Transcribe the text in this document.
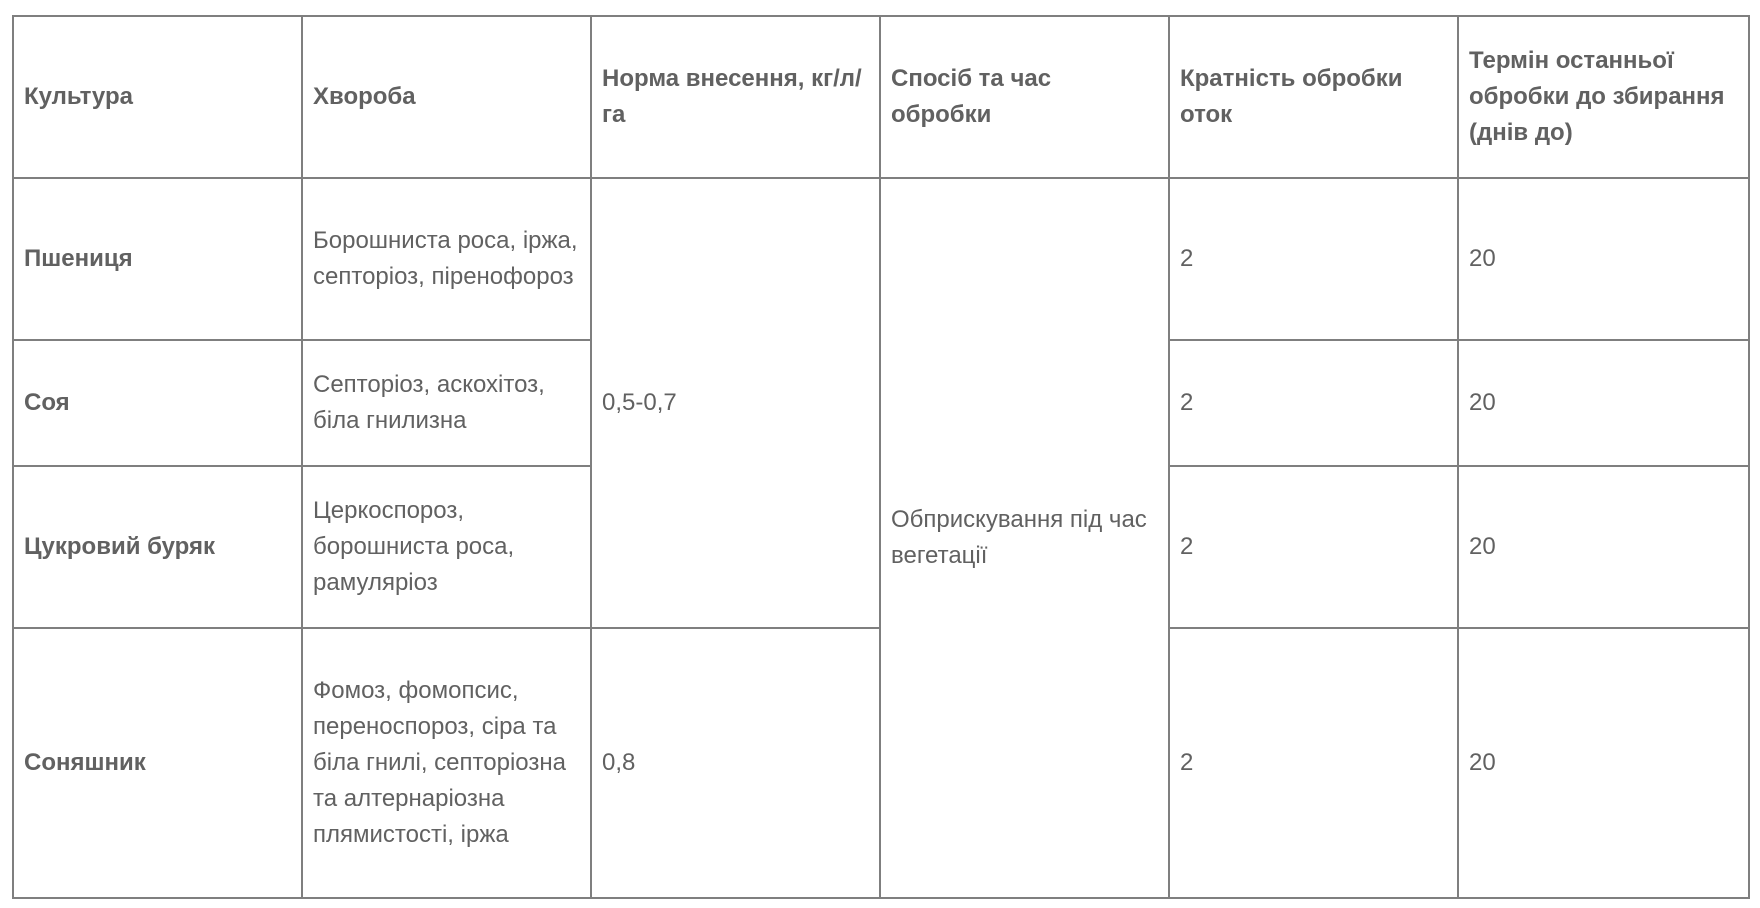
Культура	Хвороба	Норма внесення, кг/л/га	Спосіб та час обробки	Кратність обробки оток	Термін останньої обробки до збирання (днів до)
Пшениця	Борошниста роса, іржа, септоріоз, піренофороз	0,5-0,7	Обприскування під час вегетації	2	20
Соя	Септоріоз, аскохітоз, біла гнилизна			2	20
Цукровий буряк	Церкоспороз, борошниста роса, рамуляріоз			2	20
Соняшник	Фомоз, фомопсис, переноспороз, сіра та біла гнилі, септоріозна та алтернаріозна плямистості, іржа	0,8		2	20
